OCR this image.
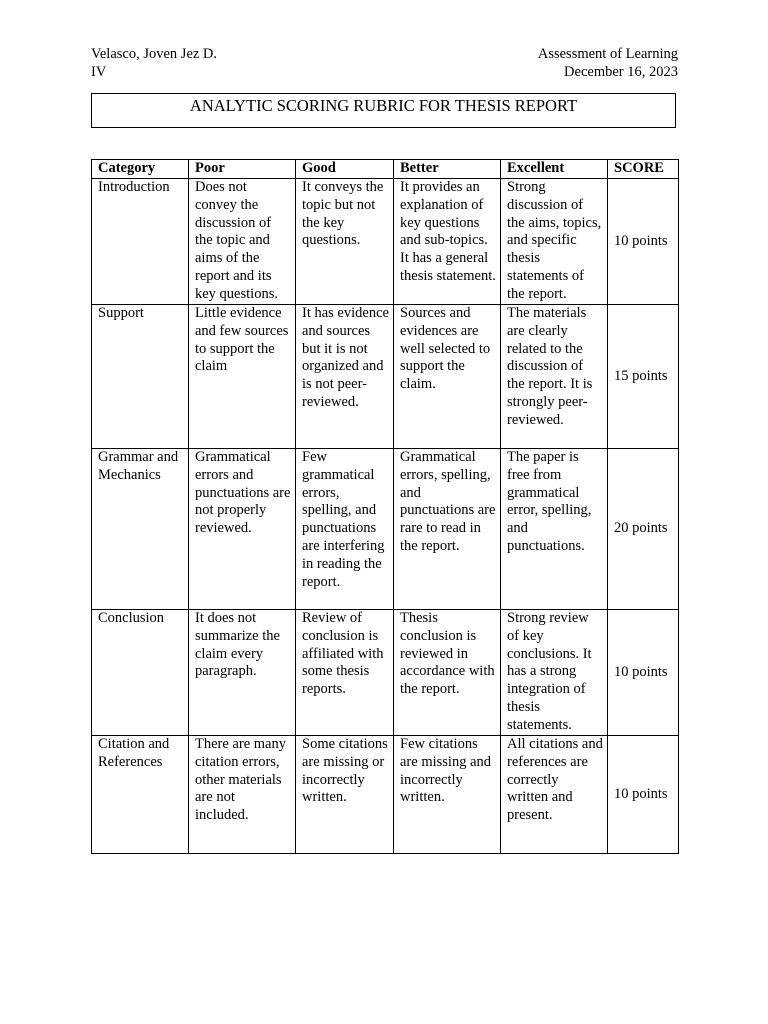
Velasco, Joven Jez D.	Assessment of Learning
IV	December 16, 2023
ANALYTIC SCORING RUBRIC FOR THESIS REPORT
Category	Poor	Good	Better	Excellent	SCORE
Introduction	Does not convey the discussion of the topic and aims of the report and its key questions.	It conveys the topic but not the key questions.	It provides an explanation of key questions and sub-topics. It has a general thesis statement.	Strong discussion of the aims, topics, and specific thesis statements of the report.	10 points
Support	Little evidence and few sources to support the claim	It has evidence and sources but it is not organized and is not peer-reviewed.	Sources and evidences are well selected to support the claim.	The materials are clearly related to the discussion of the report. It is strongly peer-reviewed.	15 points
Grammar and Mechanics	Grammatical errors and punctuations are not properly reviewed.	Few grammatical errors, spelling, and punctuations are interfering in reading the report.	Grammatical errors, spelling, and punctuations are rare to read in the report.	The paper is free from grammatical error, spelling, and punctuations.	20 points
Conclusion	It does not summarize the claim every paragraph.	Review of conclusion is affiliated with some thesis reports.	Thesis conclusion is reviewed in accordance with the report.	Strong review of key conclusions. It has a strong integration of thesis statements.	10 points
Citation and References	There are many citation errors, other materials are not included.	Some citations are missing or incorrectly written.	Few citations are missing and incorrectly written.	All citations and references are correctly written and present.	10 points
